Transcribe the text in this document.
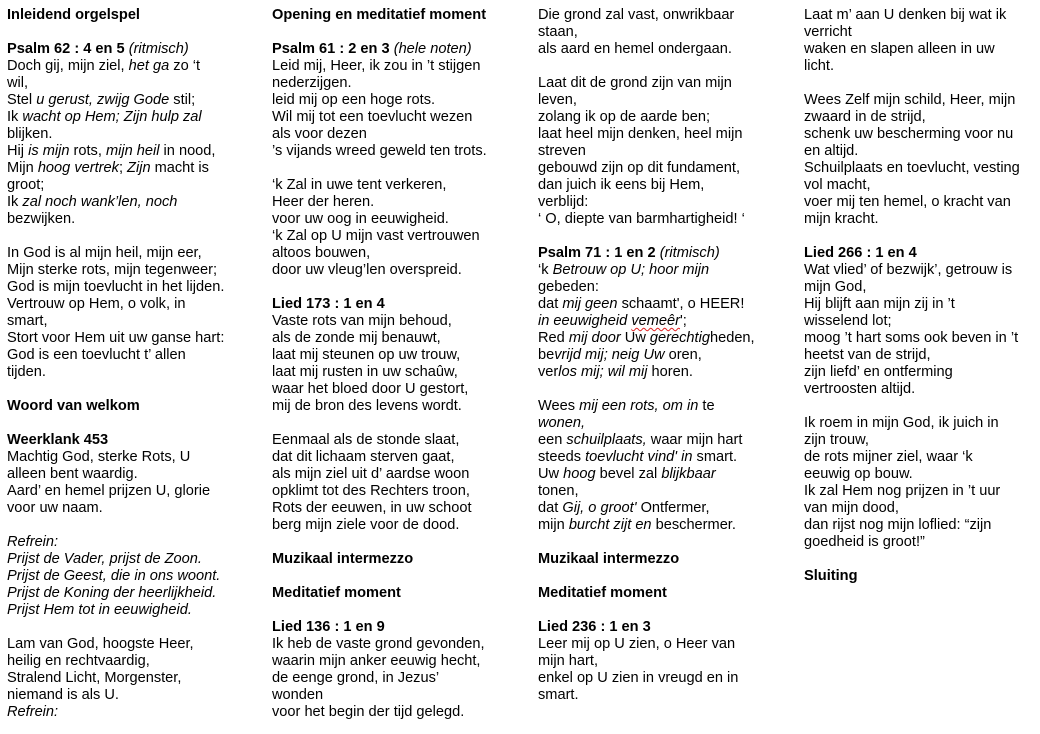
Inleidend orgelspel
Psalm 62 : 4 en 5 (ritmisch)
Doch gij, mijn ziel, het ga zo ‘t
wil,
Stel u gerust, zwijg Gode stil;
Ik wacht op Hem; Zijn hulp zal
blijken.
Hij is mijn rots, mijn heil in nood,
Mijn hoog vertrek; Zijn macht is
groot;
Ik zal noch wank’len, noch
bezwijken.
In God is al mijn heil, mijn eer,
Mijn sterke rots, mijn tegenweer;
God is mijn toevlucht in het lijden.
Vertrouw op Hem, o volk, in
smart,
Stort voor Hem uit uw ganse hart:
God is een toevlucht t’ allen
tijden.
Woord van welkom
Weerklank 453
Machtig God, sterke Rots, U
alleen bent waardig.
Aard’ en hemel prijzen U, glorie
voor uw naam.
Refrein:
Prijst de Vader, prijst de Zoon.
Prijst de Geest, die in ons woont.
Prijst de Koning der heerlijkheid.
Prijst Hem tot in eeuwigheid.
Lam van God, hoogste Heer,
heilig en rechtvaardig,
Stralend Licht, Morgenster,
niemand is als U.
Refrein:
Opening en meditatief moment
Psalm 61 : 2 en 3 (hele noten)
Leid mij, Heer, ik zou in ’t stijgen
nederzijgen.
leid mij op een hoge rots.
Wil mij tot een toevlucht wezen
als voor dezen
’s vijands wreed geweld ten trots.
‘k Zal in uwe tent verkeren,
Heer der heren.
voor uw oog in eeuwigheid.
‘k Zal op U mijn vast vertrouwen
altoos bouwen,
door uw vleug’len overspreid.
Lied 173 : 1 en 4
Vaste rots van mijn behoud,
als de zonde mij benauwt,
laat mij steunen op uw trouw,
laat mij rusten in uw schaûw,
waar het bloed door U gestort,
mij de bron des levens wordt.
Eenmaal als de stonde slaat,
dat dit lichaam sterven gaat,
als mijn ziel uit d’ aardse woon
opklimt tot des Rechters troon,
Rots der eeuwen, in uw schoot
berg mijn ziele voor de dood.
Muzikaal intermezzo
Meditatief moment
Lied 136 : 1 en 9
Ik heb de vaste grond gevonden,
waarin mijn anker eeuwig hecht,
de eenge grond, in Jezus’
wonden
voor het begin der tijd gelegd.
Die grond zal vast, onwrikbaar
staan,
als aard en hemel ondergaan.
Laat dit de grond zijn van mijn
leven,
zolang ik op de aarde ben;
laat heel mijn denken, heel mijn
streven
gebouwd zijn op dit fundament,
dan juich ik eens bij Hem,
verblijd:
‘ O, diepte van barmhartigheid! ‘
Psalm 71 : 1 en 2 (ritmisch)
‘k Betrouw op U; hoor mijn
gebeden:
dat mij geen schaamt', o HEER!
in eeuwigheid vemeêr';
Red mij door Uw gerechtigheden,
bevrijd mij; neig Uw oren,
verlos mij; wil mij horen.
Wees mij een rots, om in te
wonen,
een schuilplaats, waar mijn hart
steeds toevlucht vind' in smart.
Uw hoog bevel zal blijkbaar
tonen,
dat Gij, o groot' Ontfermer,
mijn burcht zijt en beschermer.
Muzikaal intermezzo
Meditatief moment
Lied 236 : 1 en 3
Leer mij op U zien, o Heer van
mijn hart,
enkel op U zien in vreugd en in
smart.
Laat m’ aan U denken bij wat ik
verricht
waken en slapen alleen in uw
licht.
Wees Zelf mijn schild, Heer, mijn
zwaard in de strijd,
schenk uw bescherming voor nu
en altijd.
Schuilplaats en toevlucht, vesting
vol macht,
voer mij ten hemel, o kracht van
mijn kracht.
Lied 266 : 1 en 4
Wat vlied’ of bezwijk’, getrouw is
mijn God,
Hij blijft aan mijn zij in ’t
wisselend lot;
moog ’t hart soms ook beven in ’t
heetst van de strijd,
zijn liefd’ en ontferming
vertroosten altijd.
Ik roem in mijn God, ik juich in
zijn trouw,
de rots mijner ziel, waar ‘k
eeuwig op bouw.
Ik zal Hem nog prijzen in ’t uur
van mijn dood,
dan rijst nog mijn loflied: “zijn
goedheid is groot!”
Sluiting
